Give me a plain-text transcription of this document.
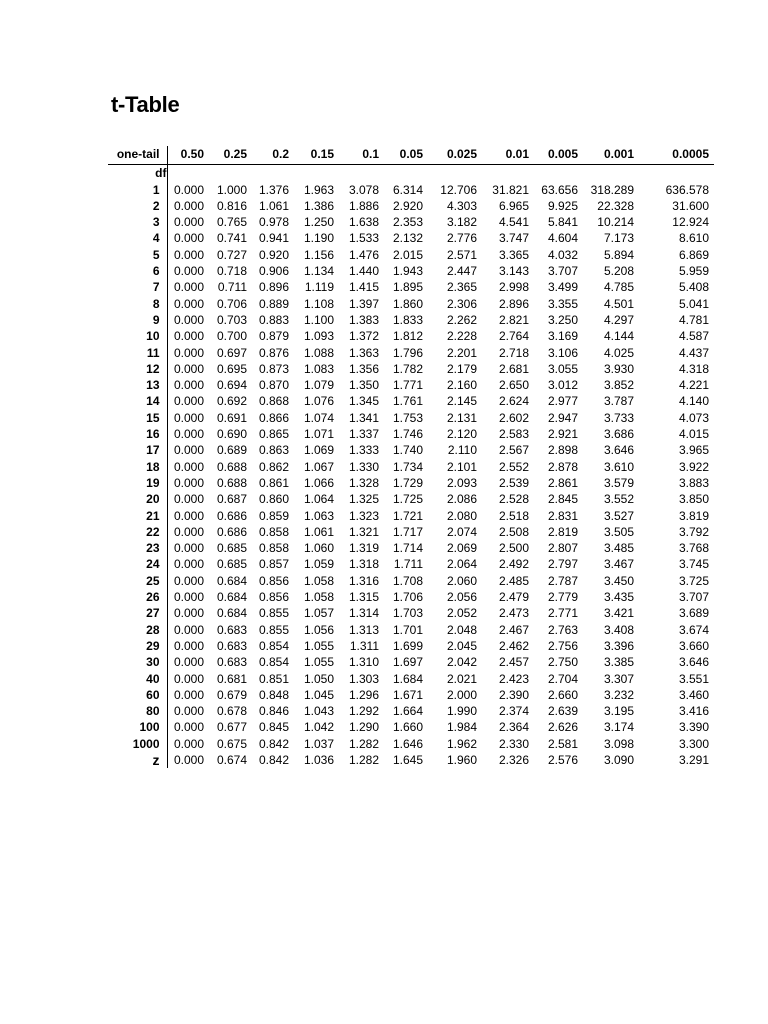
t-Table
one-tail	0.50	0.25	0.2	0.15	0.1	0.05	0.025	0.01	0.005	0.001	0.0005
df											
1	0.000	1.000	1.376	1.963	3.078	6.314	12.706	31.821	63.656	318.289	636.578
2	0.000	0.816	1.061	1.386	1.886	2.920	4.303	6.965	9.925	22.328	31.600
3	0.000	0.765	0.978	1.250	1.638	2.353	3.182	4.541	5.841	10.214	12.924
4	0.000	0.741	0.941	1.190	1.533	2.132	2.776	3.747	4.604	7.173	8.610
5	0.000	0.727	0.920	1.156	1.476	2.015	2.571	3.365	4.032	5.894	6.869
6	0.000	0.718	0.906	1.134	1.440	1.943	2.447	3.143	3.707	5.208	5.959
7	0.000	0.711	0.896	1.119	1.415	1.895	2.365	2.998	3.499	4.785	5.408
8	0.000	0.706	0.889	1.108	1.397	1.860	2.306	2.896	3.355	4.501	5.041
9	0.000	0.703	0.883	1.100	1.383	1.833	2.262	2.821	3.250	4.297	4.781
10	0.000	0.700	0.879	1.093	1.372	1.812	2.228	2.764	3.169	4.144	4.587
11	0.000	0.697	0.876	1.088	1.363	1.796	2.201	2.718	3.106	4.025	4.437
12	0.000	0.695	0.873	1.083	1.356	1.782	2.179	2.681	3.055	3.930	4.318
13	0.000	0.694	0.870	1.079	1.350	1.771	2.160	2.650	3.012	3.852	4.221
14	0.000	0.692	0.868	1.076	1.345	1.761	2.145	2.624	2.977	3.787	4.140
15	0.000	0.691	0.866	1.074	1.341	1.753	2.131	2.602	2.947	3.733	4.073
16	0.000	0.690	0.865	1.071	1.337	1.746	2.120	2.583	2.921	3.686	4.015
17	0.000	0.689	0.863	1.069	1.333	1.740	2.110	2.567	2.898	3.646	3.965
18	0.000	0.688	0.862	1.067	1.330	1.734	2.101	2.552	2.878	3.610	3.922
19	0.000	0.688	0.861	1.066	1.328	1.729	2.093	2.539	2.861	3.579	3.883
20	0.000	0.687	0.860	1.064	1.325	1.725	2.086	2.528	2.845	3.552	3.850
21	0.000	0.686	0.859	1.063	1.323	1.721	2.080	2.518	2.831	3.527	3.819
22	0.000	0.686	0.858	1.061	1.321	1.717	2.074	2.508	2.819	3.505	3.792
23	0.000	0.685	0.858	1.060	1.319	1.714	2.069	2.500	2.807	3.485	3.768
24	0.000	0.685	0.857	1.059	1.318	1.711	2.064	2.492	2.797	3.467	3.745
25	0.000	0.684	0.856	1.058	1.316	1.708	2.060	2.485	2.787	3.450	3.725
26	0.000	0.684	0.856	1.058	1.315	1.706	2.056	2.479	2.779	3.435	3.707
27	0.000	0.684	0.855	1.057	1.314	1.703	2.052	2.473	2.771	3.421	3.689
28	0.000	0.683	0.855	1.056	1.313	1.701	2.048	2.467	2.763	3.408	3.674
29	0.000	0.683	0.854	1.055	1.311	1.699	2.045	2.462	2.756	3.396	3.660
30	0.000	0.683	0.854	1.055	1.310	1.697	2.042	2.457	2.750	3.385	3.646
40	0.000	0.681	0.851	1.050	1.303	1.684	2.021	2.423	2.704	3.307	3.551
60	0.000	0.679	0.848	1.045	1.296	1.671	2.000	2.390	2.660	3.232	3.460
80	0.000	0.678	0.846	1.043	1.292	1.664	1.990	2.374	2.639	3.195	3.416
100	0.000	0.677	0.845	1.042	1.290	1.660	1.984	2.364	2.626	3.174	3.390
1000	0.000	0.675	0.842	1.037	1.282	1.646	1.962	2.330	2.581	3.098	3.300
z	0.000	0.674	0.842	1.036	1.282	1.645	1.960	2.326	2.576	3.090	3.291
